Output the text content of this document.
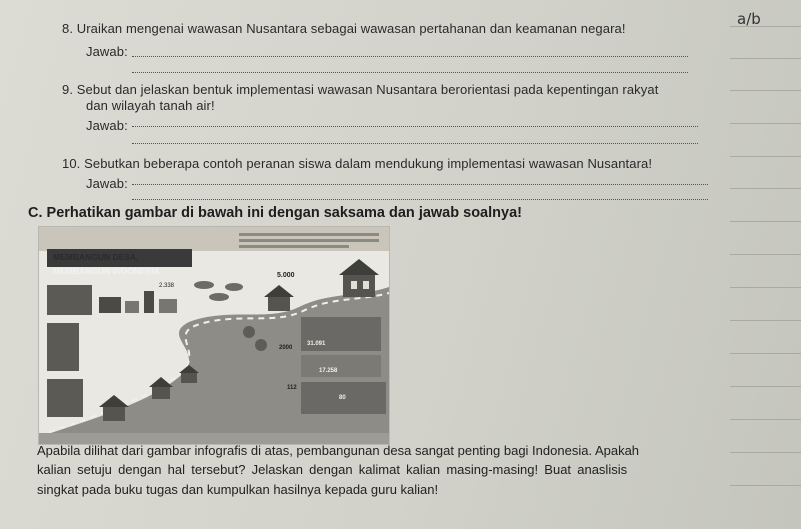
a/b
8. Uraikan mengenai wawasan Nusantara sebagai wawasan pertahanan dan keamanan negara!
Jawab:
9. Sebut dan jelaskan bentuk implementasi wawasan Nusantara berorientasi pada kepentingan rakyat
dan wilayah tanah air!
Jawab:
10. Sebutkan beberapa contoh peranan siswa dalam mendukung implementasi wawasan Nusantara!
Jawab:
C. Perhatikan gambar di bawah ini dengan saksama dan jawab soalnya!
MEMBANGUN DESA,
MEMBANGUN INDONESIA
2.338
5.000
2000
31.091
17.258
112
80
Apabila dilihat dari gambar infografis di atas, pembangunan desa sangat penting bagi Indonesia. Apakah
kalian setuju dengan hal tersebut? Jelaskan dengan kalimat kalian masing-masing! Buat anaslisis
singkat pada buku tugas dan kumpulkan hasilnya kepada guru kalian!
